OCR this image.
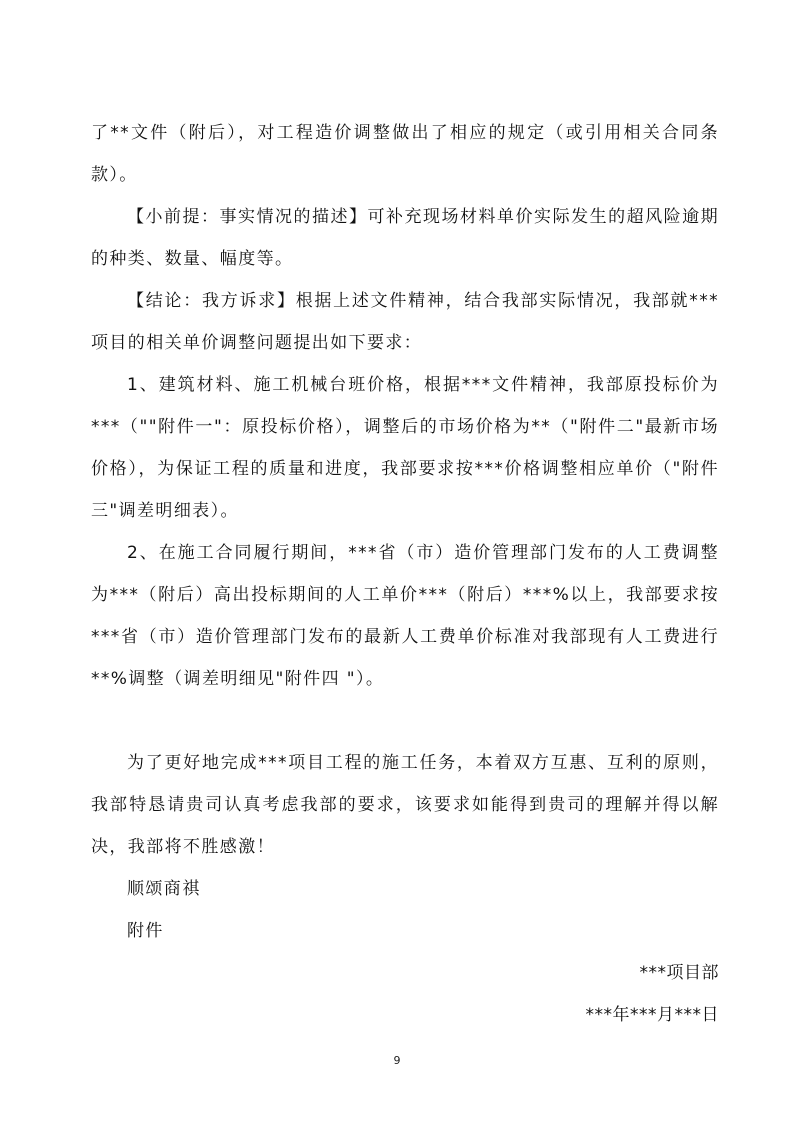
了**文件（附后），对工程造价调整做出了相应的规定（或引用相关合同条款）。

【小前提：事实情况的描述】可补充现场材料单价实际发生的超风险逾期的种类、数量、幅度等。

【结论：我方诉求】根据上述文件精神，结合我部实际情况，我部就***项目的相关单价调整问题提出如下要求：

1、建筑材料、施工机械台班价格，根据***文件精神，我部原投标价为***（""附件一"：原投标价格），调整后的市场价格为**（"附件二"最新市场价格），为保证工程的质量和进度，我部要求按***价格调整相应单价（"附件三"调差明细表）。

2、在施工合同履行期间，***省（市）造价管理部门发布的人工费调整为***（附后）高出投标期间的人工单价***（附后）***%以上，我部要求按***省（市）造价管理部门发布的最新人工费单价标准对我部现有人工费进行**%调整（调差明细见"附件四 "）。

为了更好地完成***项目工程的施工任务，本着双方互惠、互利的原则，我部特恳请贵司认真考虑我部的要求，该要求如能得到贵司的理解并得以解决，我部将不胜感激！

顺颂商祺

附件

***项目部

***年***月***日

9
